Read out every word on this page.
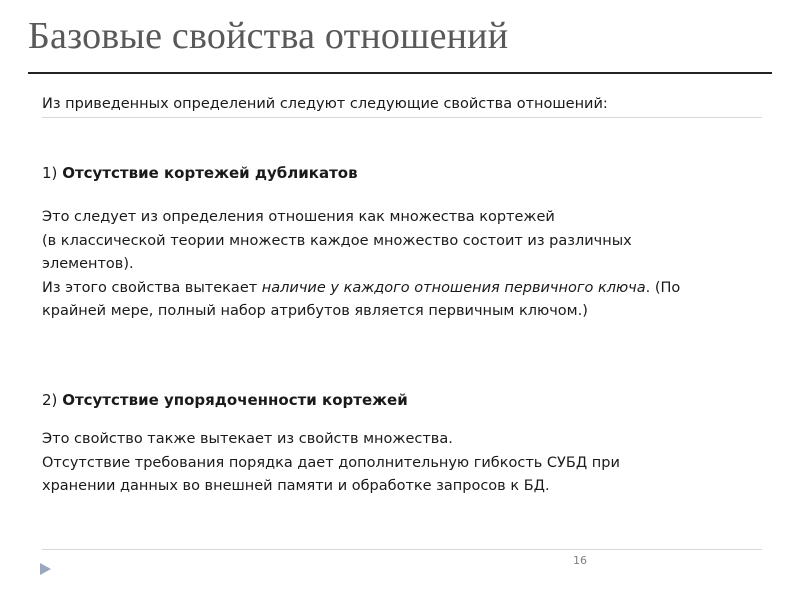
Базовые свойства отношений

Из приведенных определений следуют следующие свойства отношений:

1) Отсутствие кортежей дубликатов

Это следует из определения отношения как множества кортежей
(в классической теории множеств каждое множество состоит из различных
элементов).
Из этого свойства вытекает наличие у каждого отношения первичного ключа. (По
крайней мере, полный набор атрибутов является первичным ключом.)

2) Отсутствие упорядоченности кортежей

Это свойство также вытекает из свойств множества.
Отсутствие требования порядка дает дополнительную гибкость СУБД при
хранении данных во внешней памяти и обработке запросов к БД.

16
